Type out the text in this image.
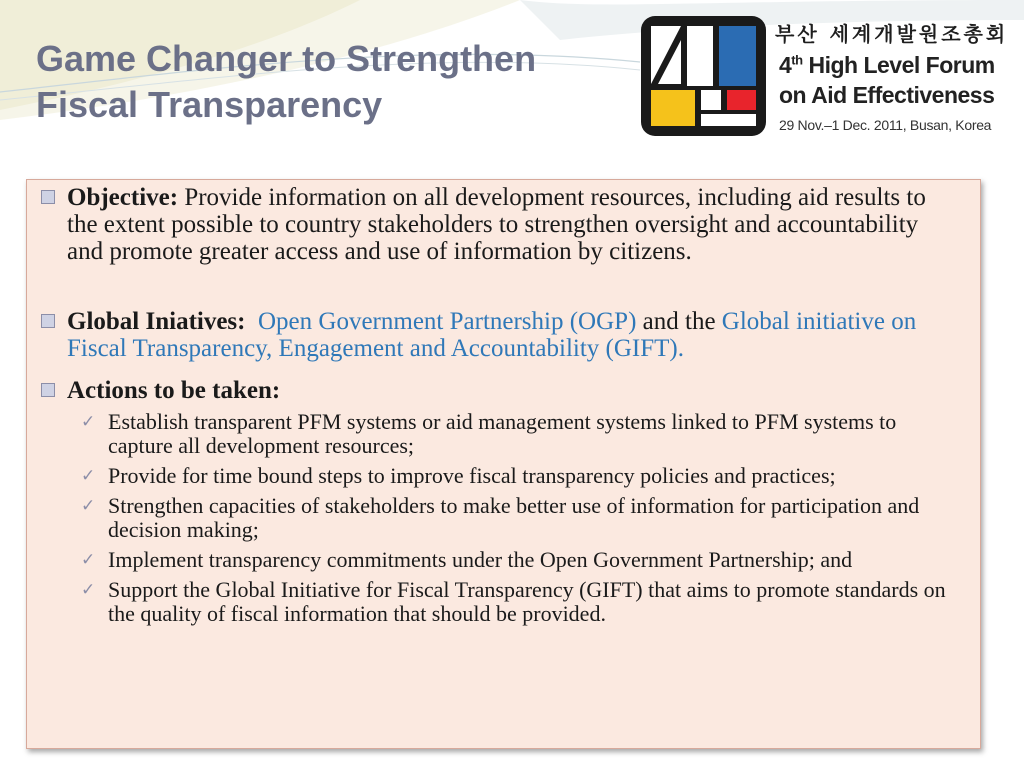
Game Changer to Strengthen
Fiscal Transparency
부산 세계개발원조총회
4th High Level Forum
on Aid Effectiveness
29 Nov.–1 Dec. 2011, Busan, Korea
Objective: Provide information on all development resources, including aid results to the extent possible to country stakeholders to strengthen oversight and accountability and promote greater access and use of information by citizens.
Global Iniatives: Open Government Partnership (OGP) and the Global initiative on Fiscal Transparency, Engagement and Accountability (GIFT).
Actions to be taken:
✓ Establish transparent PFM systems or aid management systems linked to PFM systems to capture all development resources;
✓ Provide for time bound steps to improve fiscal transparency policies and practices;
✓ Strengthen capacities of stakeholders to make better use of information for participation and decision making;
✓ Implement transparency commitments under the Open Government Partnership; and
✓ Support the Global Initiative for Fiscal Transparency (GIFT) that aims to promote standards on the quality of fiscal information that should be provided.
